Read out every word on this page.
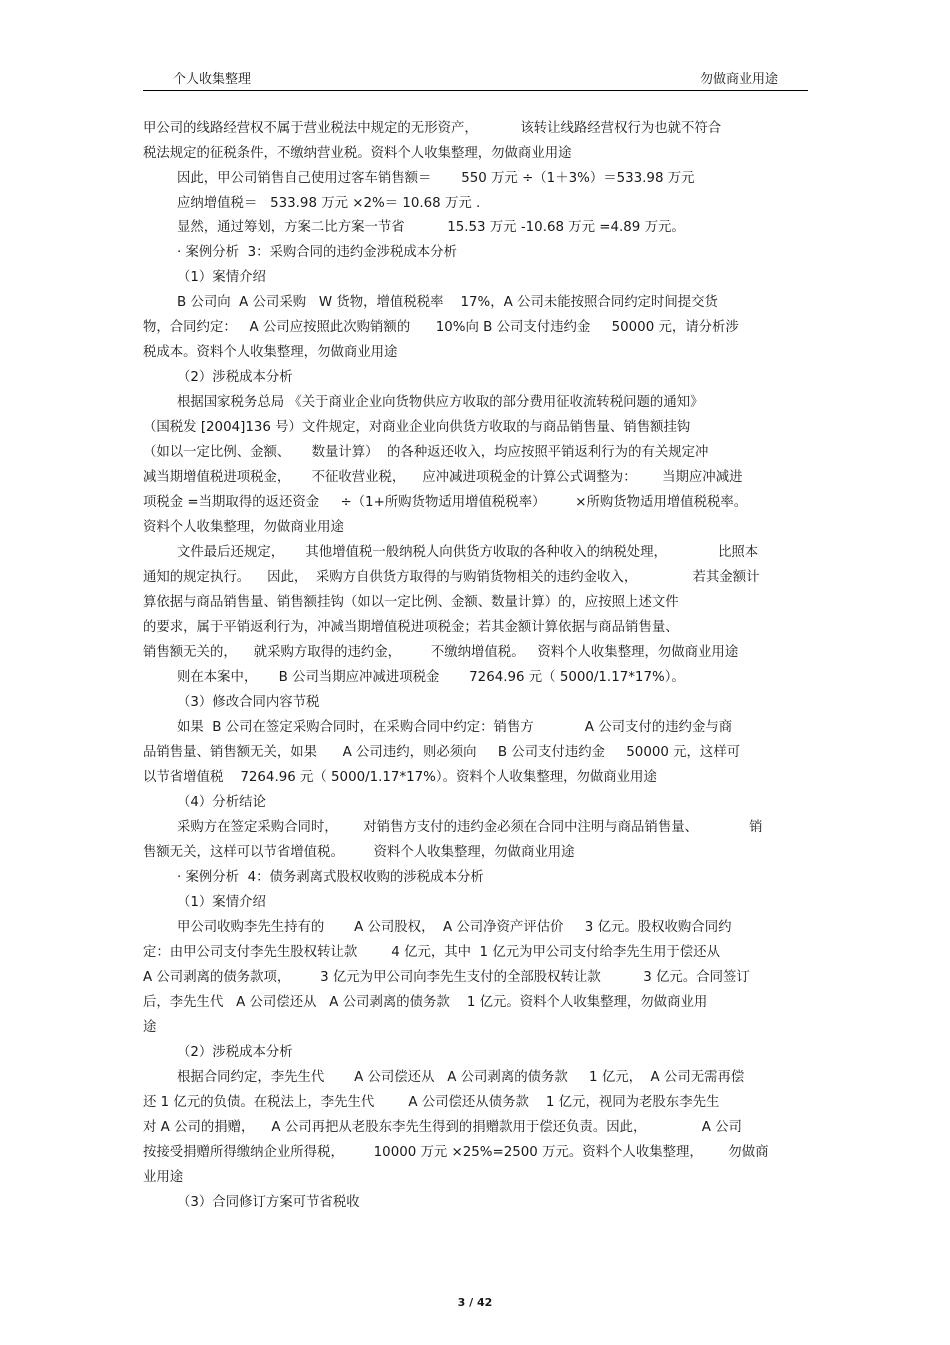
个人收集整理	勿做商业用途
甲公司的线路经营权不属于营业税法中规定的无形资产，          该转让线路经营权行为也就不符合
税法规定的征税条件，不缴纳营业税。资料个人收集整理，勿做商业用途
因此，甲公司销售自己使用过客车销售额＝       550 万元 ÷（1＋3%）＝533.98 万元
应纳增值税＝   533.98 万元 ×2%＝ 10.68 万元 .
显然，通过筹划，方案二比方案一节省          15.53 万元 -10.68 万元 =4.89 万元。
· 案例分析  3：采购合同的违约金涉税成本分析
（1）案情介绍
B 公司向  A 公司采购   W 货物，增值税税率    17%，A 公司未能按照合同约定时间提交货
物，合同约定：   A 公司应按照此次购销额的      10%向 B 公司支付违约金     50000 元，请分析涉
税成本。资料个人收集整理，勿做商业用途
（2）涉税成本分析
根据国家税务总局 《关于商业企业向货物供应方收取的部分费用征收流转税问题的通知》
（国税发 [2004]136 号）文件规定，对商业企业向供货方收取的与商品销售量、销售额挂钩
（如以一定比例、金额、     数量计算）  的各种返还收入，均应按照平销返利行为的有关规定冲
减当期增值税进项税金，     不征收营业税，    应冲减进项税金的计算公式调整为：      当期应冲减进
项税金 =当期取得的返还资金     ÷（1+所购货物适用增值税税率）       ×所购货物适用增值税税率。
资料个人收集整理，勿做商业用途
文件最后还规定，     其他增值税一般纳税人向供货方收取的各种收入的纳税处理，            比照本
通知的规定执行。    因此，  采购方自供货方取得的与购销货物相关的违约金收入，             若其金额计
算依据与商品销售量、销售额挂钩（如以一定比例、金额、数量计算）的，应按照上述文件
的要求，属于平销返利行为，冲减当期增值税进项税金；若其金额计算依据与商品销售量、
销售额无关的，    就采购方取得的违约金，       不缴纳增值税。   资料个人收集整理，勿做商业用途
则在本案中，     B 公司当期应冲减进项税金       7264.96 元（ 5000/1.17*17%）。
（3）修改合同内容节税
如果  B 公司在签定采购合同时，在采购合同中约定：销售方            A 公司支付的违约金与商
品销售量、销售额无关，如果      A 公司违约，则必须向     B 公司支付违约金     50000 元，这样可
以节省增值税    7264.96 元（ 5000/1.17*17%）。资料个人收集整理，勿做商业用途
（4）分析结论
采购方在签定采购合同时，      对销售方支付的违约金必须在合同中注明与商品销售量、            销
售额无关，这样可以节省增值税。       资料个人收集整理，勿做商业用途
· 案例分析  4：债务剥离式股权收购的涉税成本分析
（1）案情介绍
甲公司收购李先生持有的       A 公司股权，  A 公司净资产评估价     3 亿元。股权收购合同约
定：由甲公司支付李先生股权转让款        4 亿元，其中  1 亿元为甲公司支付给李先生用于偿还从
A 公司剥离的债务款项，       3 亿元为甲公司向李先生支付的全部股权转让款          3 亿元。合同签订
后，李先生代   A 公司偿还从   A 公司剥离的债务款    1 亿元。资料个人收集整理，勿做商业用
途
（2）涉税成本分析
根据合同约定，李先生代       A 公司偿还从   A 公司剥离的债务款     1 亿元，  A 公司无需再偿
还 1 亿元的负债。在税法上，李先生代        A 公司偿还从债务款    1 亿元，视同为老股东李先生
对 A 公司的捐赠，    A 公司再把从老股东李先生得到的捐赠款用于偿还负责。因此，             A 公司
按接受捐赠所得缴纳企业所得税，       10000 万元 ×25%=2500 万元。资料个人收集整理，      勿做商
业用途
（3）合同修订方案可节省税收
3 / 42
